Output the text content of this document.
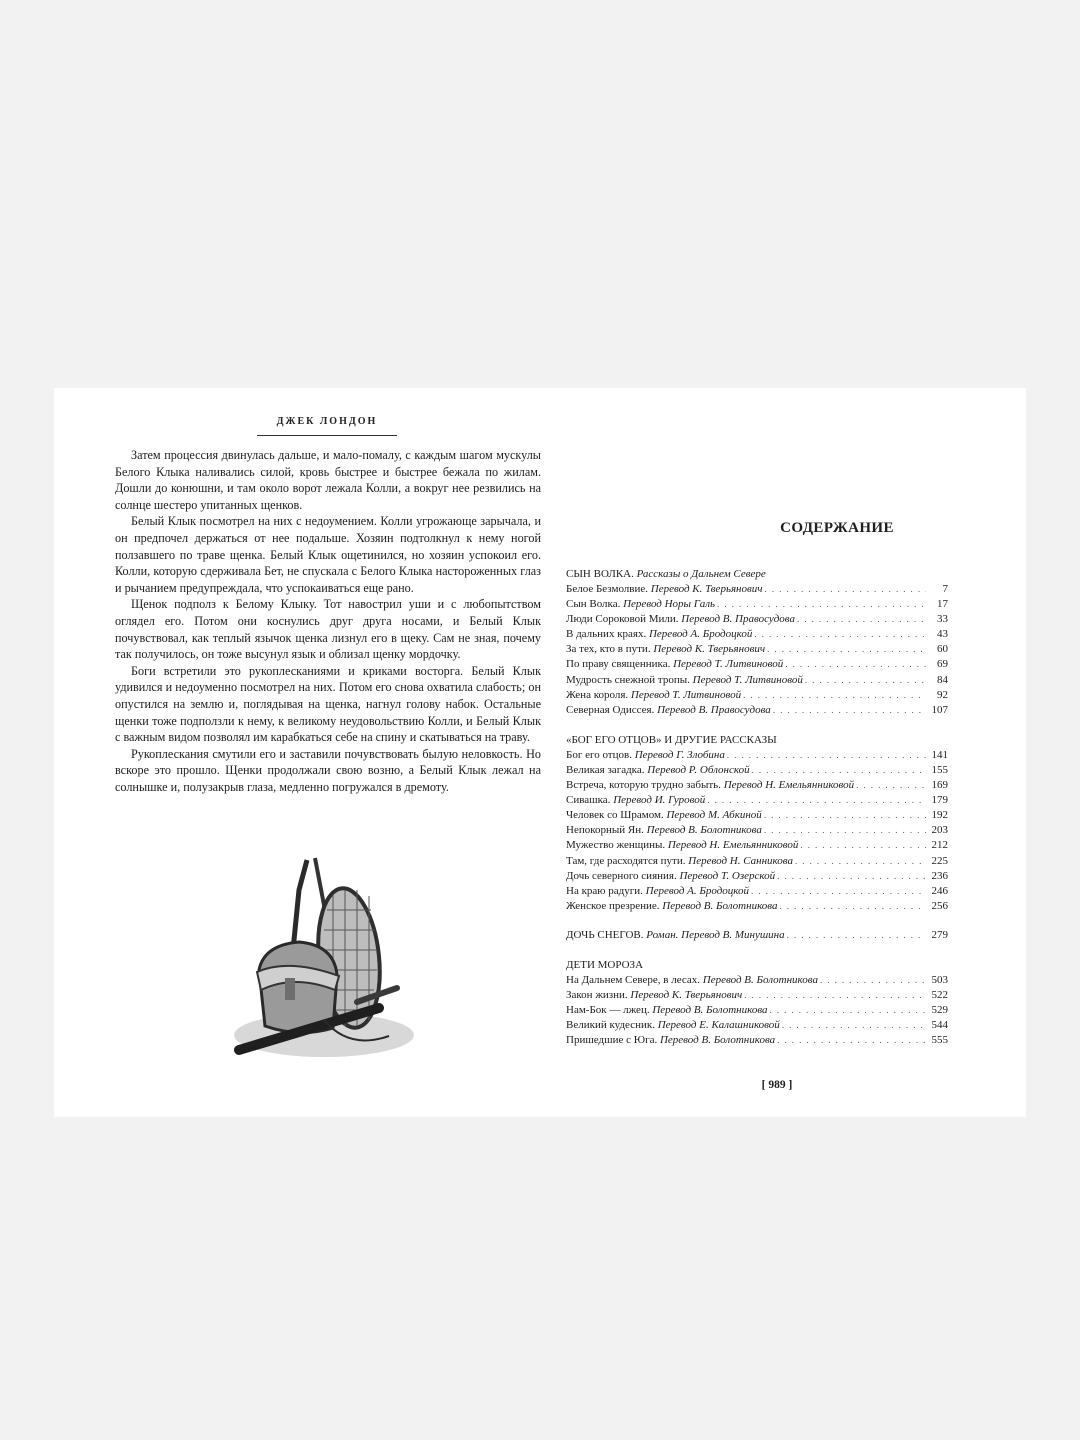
ДЖЕК ЛОНДОН

Затем процессия двинулась дальше, и мало-помалу, с каждым шагом мускулы Белого Клыка наливались силой, кровь быстрее и быстрее бежала по жилам. Дошли до конюшни, и там около ворот лежала Колли, а вокруг нее резвились на солнце шестеро упитанных щенков.

Белый Клык посмотрел на них с недоумением. Колли угрожающе зарычала, и он предпочел держаться от нее подальше. Хозяин подтолкнул к нему ногой ползавшего по траве щенка. Белый Клык ощетинился, но хозяин успокоил его. Колли, которую сдерживала Бет, не спускала с Белого Клыка настороженных глаз и рычанием предупреждала, что успокаиваться еще рано.

Щенок подполз к Белому Клыку. Тот навострил уши и с любопытством оглядел его. Потом они коснулись друг друга носами, и Белый Клык почувствовал, как теплый язычок щенка лизнул его в щеку. Сам не зная, почему так получилось, он тоже высунул язык и облизал щенку мордочку.

Боги встретили это рукоплесканиями и криками восторга. Белый Клык удивился и недоуменно посмотрел на них. Потом его снова охватила слабость; он опустился на землю и, поглядывая на щенка, нагнул голову набок. Остальные щенки тоже подползли к нему, к великому неудовольствию Колли, и Белый Клык с важным видом позволял им карабкаться себе на спину и скатываться на траву.

Рукоплескания смутили его и заставили почувствовать былую неловкость. Но вскоре это прошло. Щенки продолжали свою возню, а Белый Клык лежал на солнышке и, полузакрыв глаза, медленно погружался в дремоту.

СОДЕРЖАНИЕ
СЫН ВОЛКА. Рассказы о Дальнем Севере
Белое Безмолвие. Перевод К. Тверьянович . . .	7
Сын Волка. Перевод Норы Галь . . .	17
Люди Сороковой Мили. Перевод В. Правосудова . . .	33
В дальних краях. Перевод А. Бродоцкой . . .	43
За тех, кто в пути. Перевод К. Тверьянович . . .	60
По праву священника. Перевод Т. Литвиновой . . .	69
Мудрость снежной тропы. Перевод Т. Литвиновой . . .	84
Жена короля. Перевод Т. Литвиновой . . .	92
Северная Одиссея. Перевод В. Правосудова . . .	107
«БОГ ЕГО ОТЦОВ» И ДРУГИЕ РАССКАЗЫ
Бог его отцов. Перевод Г. Злобина . . .	141
Великая загадка. Перевод Р. Облонской . . .	155
Встреча, которую трудно забыть. Перевод Н. Емельянниковой . . .	169
Сивашка. Перевод И. Гуровой . . .	179
Человек со Шрамом. Перевод М. Абкиной . . .	192
Непокорный Ян. Перевод В. Болотникова . . .	203
Мужество женщины. Перевод Н. Емельянниковой . . .	212
Там, где расходятся пути. Перевод Н. Санникова . . .	225
Дочь северного сияния. Перевод Т. Озерской . . .	236
На краю радуги. Перевод А. Бродоцкой . . .	246
Женское презрение. Перевод В. Болотникова . . .	256
ДОЧЬ СНЕГОВ. Роман. Перевод В. Минушина . . .	279
ДЕТИ МОРОЗА
На Дальнем Севере, в лесах. Перевод В. Болотникова . . .	503
Закон жизни. Перевод К. Тверьянович . . .	522
Нам-Бок — лжец. Перевод В. Болотникова . . .	529
Великий кудесник. Перевод Е. Калашниковой . . .	544
Пришедшие с Юга. Перевод В. Болотникова . . .	555
[ 989 ]
